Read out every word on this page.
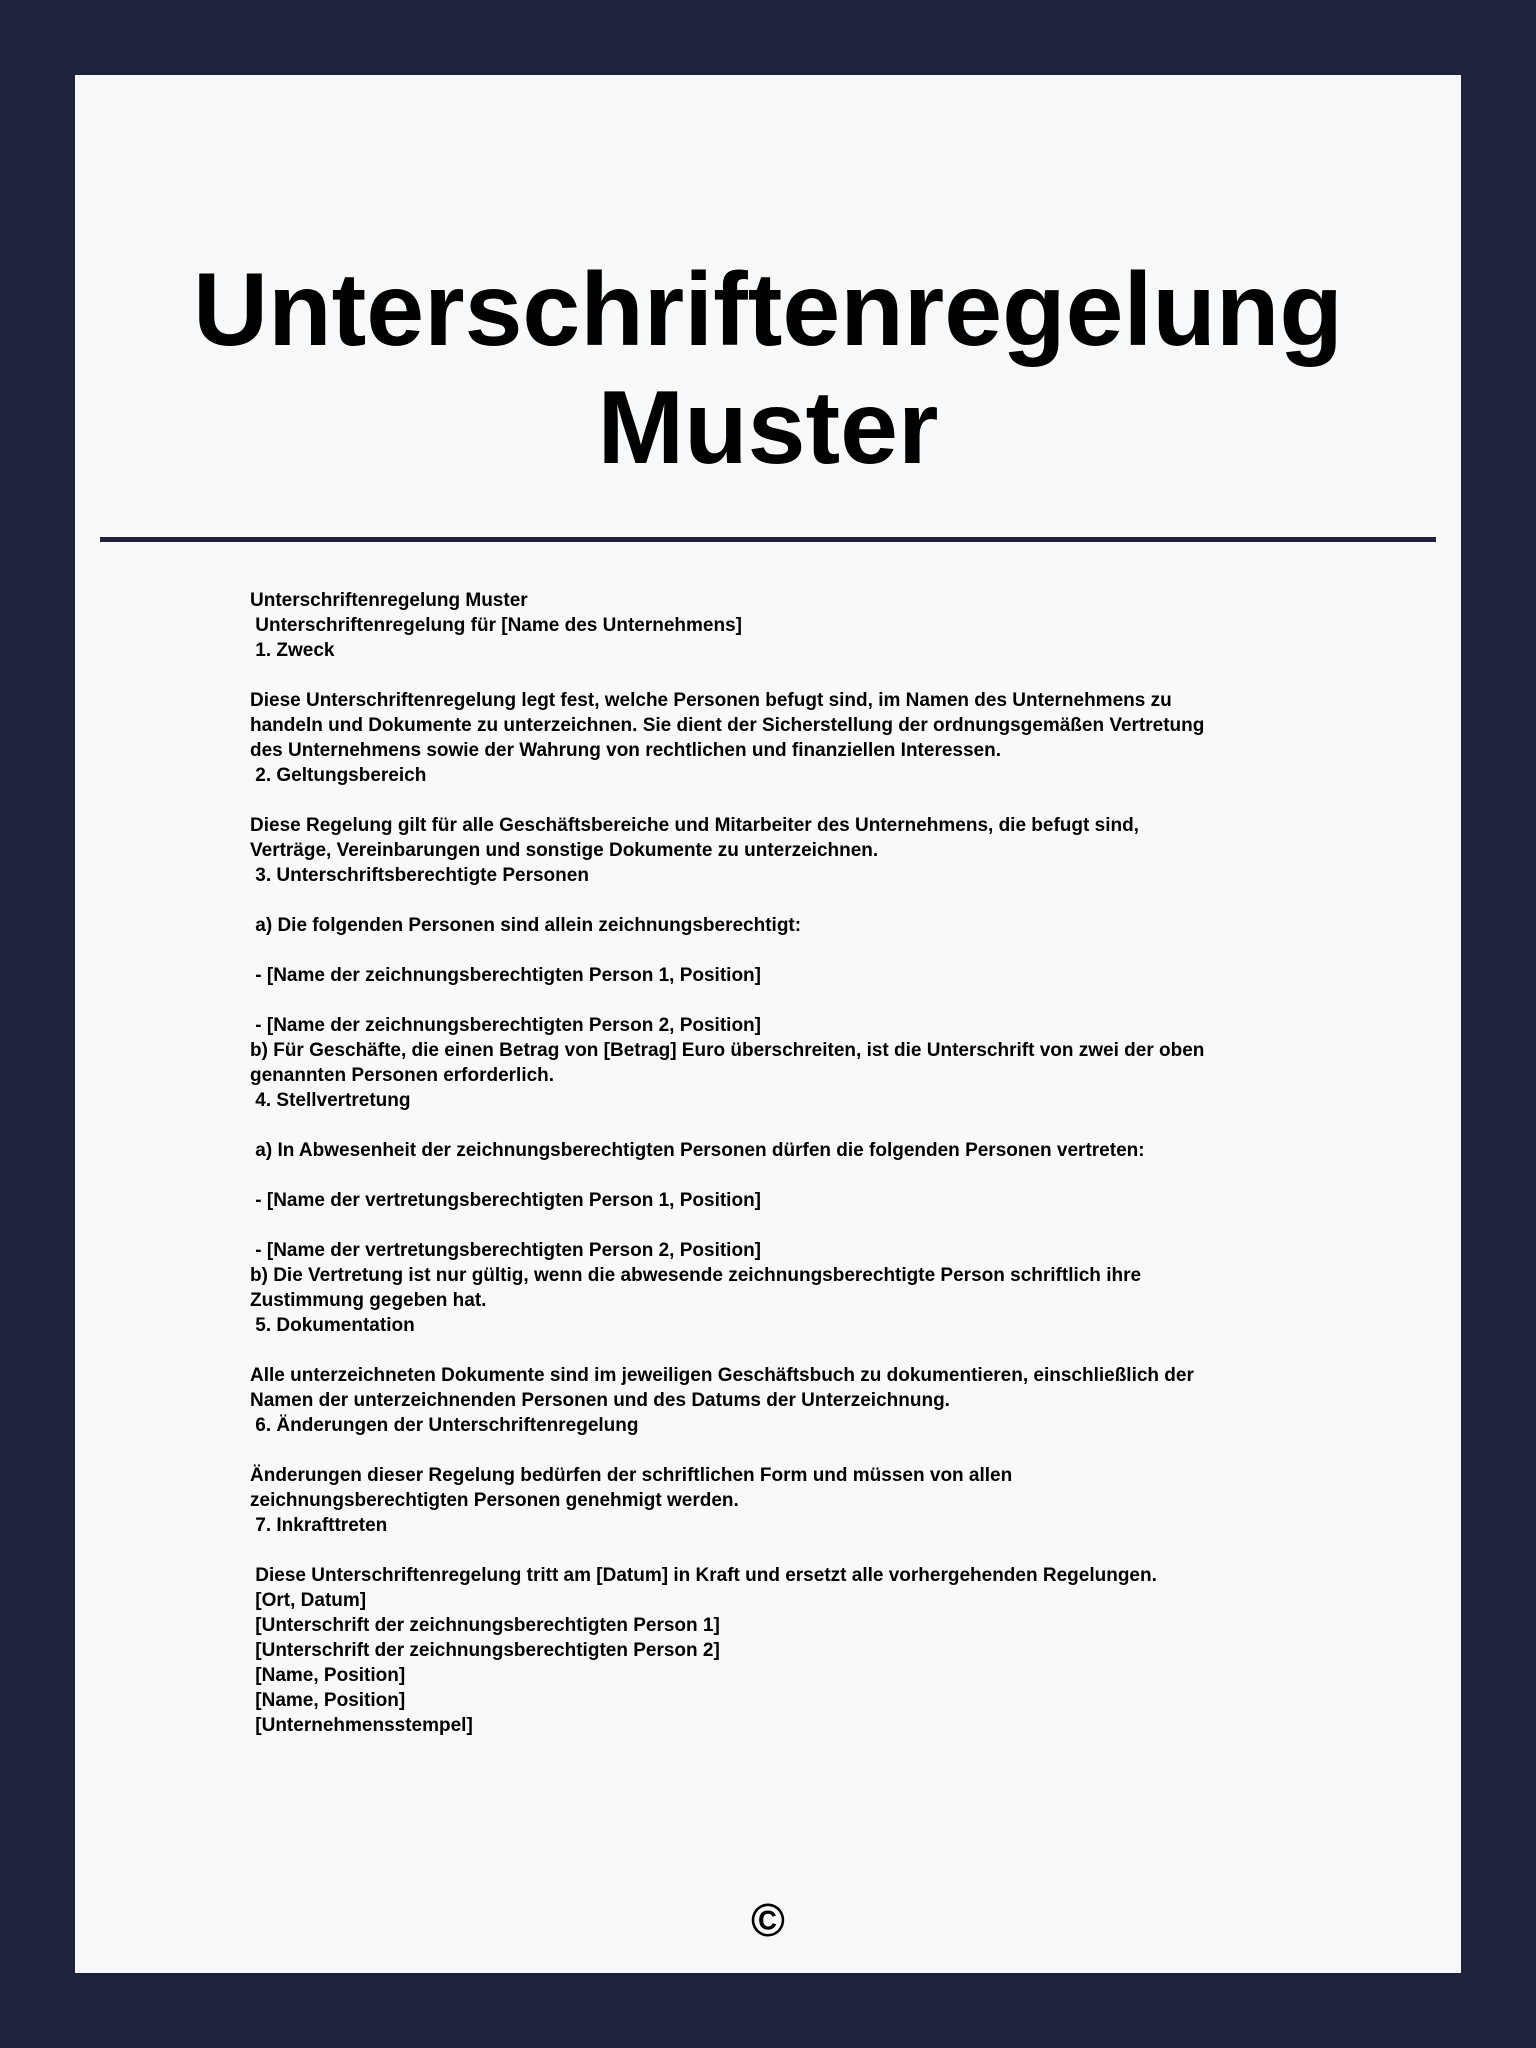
Unterschriftenregelung
Muster
Unterschriftenregelung Muster
Unterschriftenregelung für [Name des Unternehmens]
1. Zweck
Diese Unterschriftenregelung legt fest, welche Personen befugt sind, im Namen des Unternehmens zu
handeln und Dokumente zu unterzeichnen. Sie dient der Sicherstellung der ordnungsgemäßen Vertretung
des Unternehmens sowie der Wahrung von rechtlichen und finanziellen Interessen.
2. Geltungsbereich
Diese Regelung gilt für alle Geschäftsbereiche und Mitarbeiter des Unternehmens, die befugt sind,
Verträge, Vereinbarungen und sonstige Dokumente zu unterzeichnen.
3. Unterschriftsberechtigte Personen
a) Die folgenden Personen sind allein zeichnungsberechtigt:
- [Name der zeichnungsberechtigten Person 1, Position]
- [Name der zeichnungsberechtigten Person 2, Position]
b) Für Geschäfte, die einen Betrag von [Betrag] Euro überschreiten, ist die Unterschrift von zwei der oben
genannten Personen erforderlich.
4. Stellvertretung
a) In Abwesenheit der zeichnungsberechtigten Personen dürfen die folgenden Personen vertreten:
- [Name der vertretungsberechtigten Person 1, Position]
- [Name der vertretungsberechtigten Person 2, Position]
b) Die Vertretung ist nur gültig, wenn die abwesende zeichnungsberechtigte Person schriftlich ihre
Zustimmung gegeben hat.
5. Dokumentation
Alle unterzeichneten Dokumente sind im jeweiligen Geschäftsbuch zu dokumentieren, einschließlich der
Namen der unterzeichnenden Personen und des Datums der Unterzeichnung.
6. Änderungen der Unterschriftenregelung
Änderungen dieser Regelung bedürfen der schriftlichen Form und müssen von allen
zeichnungsberechtigten Personen genehmigt werden.
7. Inkrafttreten
Diese Unterschriftenregelung tritt am [Datum] in Kraft und ersetzt alle vorhergehenden Regelungen.
[Ort, Datum]
[Unterschrift der zeichnungsberechtigten Person 1]
[Unterschrift der zeichnungsberechtigten Person 2]
[Name, Position]
[Name, Position]
[Unternehmensstempel]
©
